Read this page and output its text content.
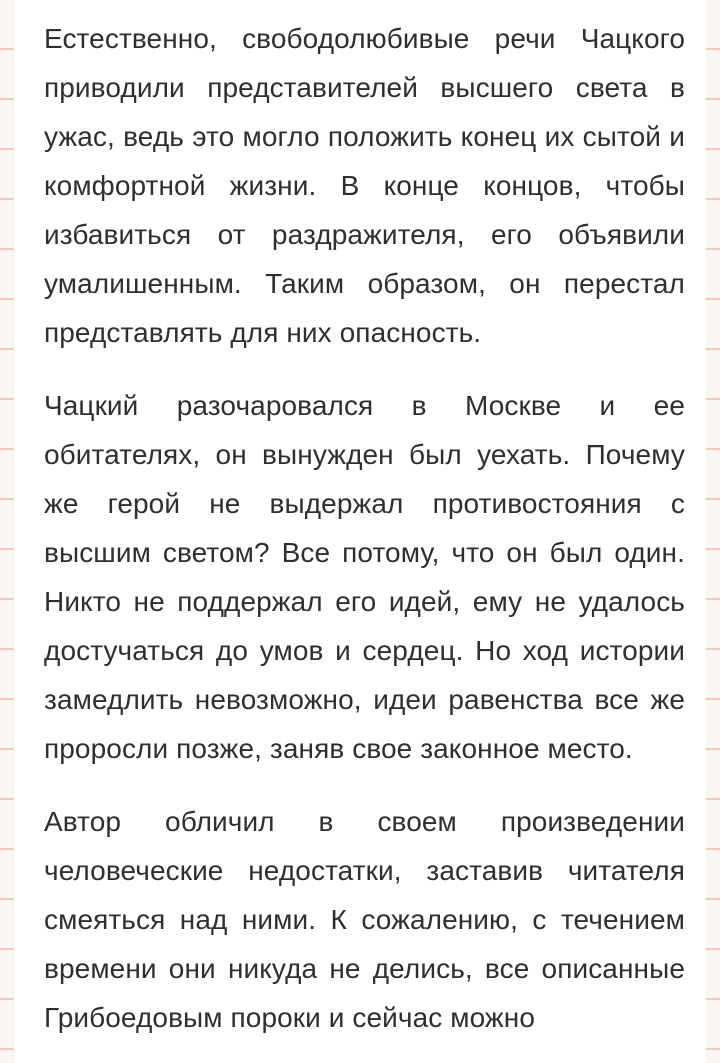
Естественно, свободолюбивые речи Чацкого приводили представителей высшего света в ужас, ведь это могло положить конец их сытой и комфортной жизни. В конце концов, чтобы избавиться от раздражителя, его объявили умалишенным. Таким образом, он перестал представлять для них опасность.

Чацкий разочаровался в Москве и ее обитателях, он вынужден был уехать. Почему же герой не выдержал противостояния с высшим светом? Все потому, что он был один. Никто не поддержал его идей, ему не удалось достучаться до умов и сердец. Но ход истории замедлить невозможно, идеи равенства все же проросли позже, заняв свое законное место.

Автор обличил в своем произведении человеческие недостатки, заставив читателя смеяться над ними. К сожалению, с течением времени они никуда не делись, все описанные Грибоедовым пороки и сейчас можно
